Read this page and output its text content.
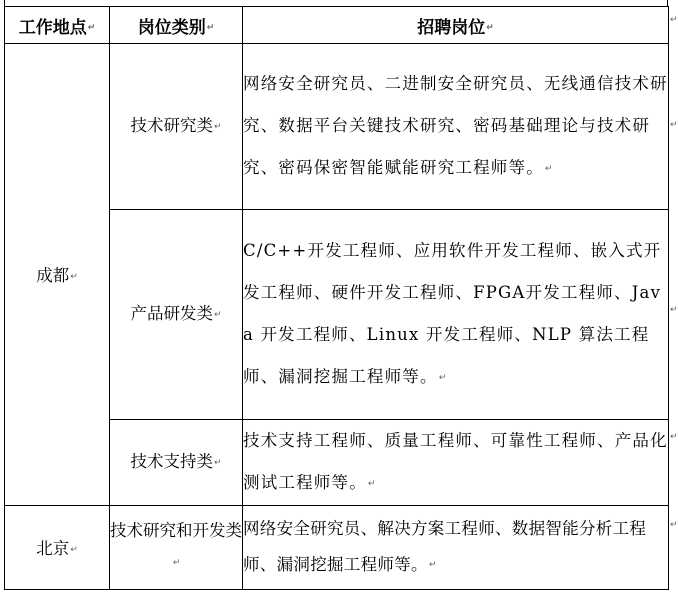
工作地点↵	岗位类别↵	招聘岗位↵
成都↵	技术研究类↵	网络安全研究员、二进制安全研究员、无线通信技术研究、数据平台关键技术研究、密码基础理论与技术研究、密码保密智能赋能研究工程师等。↵
	产品研发类↵	C/C++开发工程师、应用软件开发工程师、嵌入式开发工程师、硬件开发工程师、FPGA开发工程师、Java 开发工程师、Linux 开发工程师、NLP 算法工程师、漏洞挖掘工程师等。↵
	技术支持类↵	技术支持工程师、质量工程师、可靠性工程师、产品化测试工程师等。↵
北京↵	技术研究和开发类↵	网络安全研究员、解决方案工程师、数据智能分析工程师、漏洞挖掘工程师等。↵
↵
↵
↵
↵
↵
